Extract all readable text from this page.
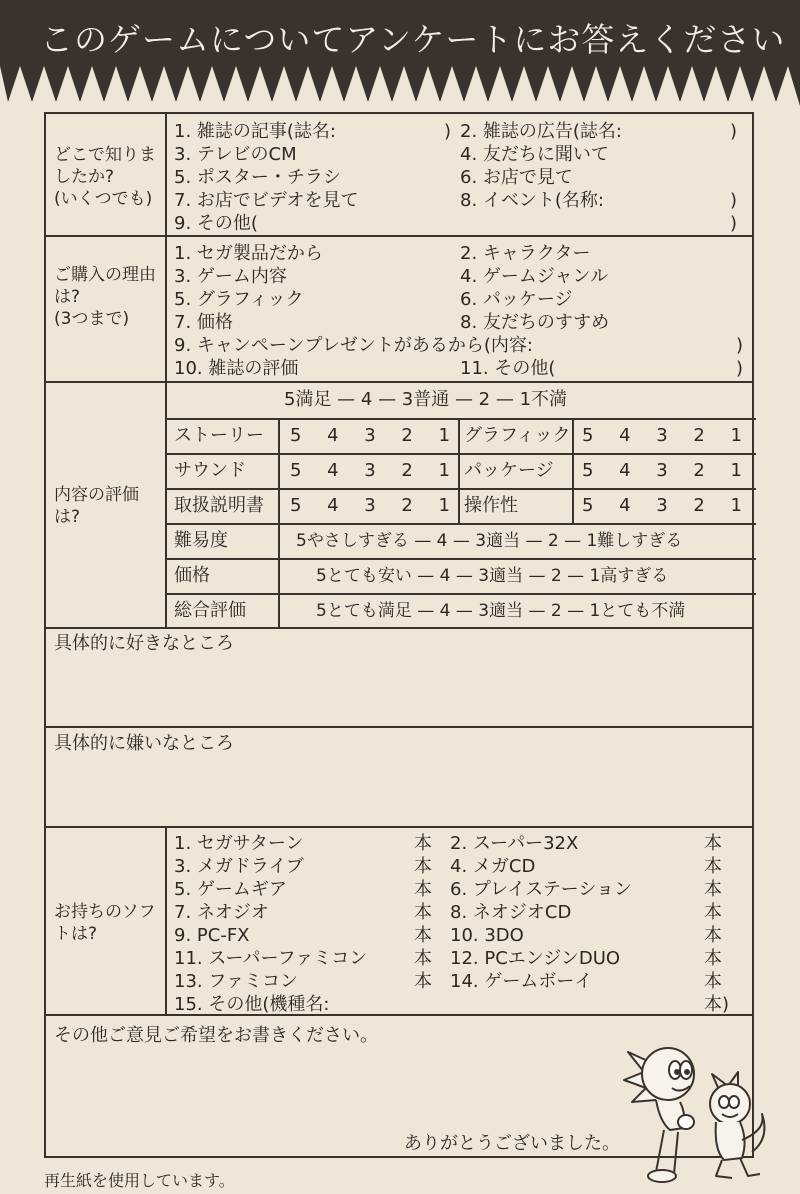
このゲームについてアンケートにお答えください
どこで知りま
したか?
(いくつでも)
1. 雑誌の記事(誌名:	) 2. 雑誌の広告(誌名:	)
3. テレビのCM	4. 友だちに聞いて
5. ポスター・チラシ	6. お店で見て
7. お店でビデオを見て	8. イベント(名称:	)
9. その他(	)
ご購入の理由
は?
(3つまで)
1. セガ製品だから	2. キャラクター
3. ゲーム内容	4. ゲームジャンル
5. グラフィック	6. パッケージ
7. 価格	8. 友だちのすすめ
9. キャンペーンプレゼントがあるから(内容:	)
10. 雑誌の評価	11. その他(	)
内容の評価
は?
5満足 — 4 — 3普通 — 2 — 1不満
ストーリー 5 4 3 2 1 グラフィック 5 4 3 2 1
サウンド 5 4 3 2 1 パッケージ 5 4 3 2 1
取扱説明書 5 4 3 2 1 操作性	5 4 3 2 1
難易度	5やさしすぎる — 4 — 3適当 — 2 — 1難しすぎる
価格	5とても安い — 4 — 3適当 — 2 — 1高すぎる
総合評価	5とても満足 — 4 — 3適当 — 2 — 1とても不満
具体的に好きなところ
具体的に嫌いなところ
お持ちのソフ
トは?
1. セガサターン	本 2. スーパー32X	本
3. メガドライブ	本 4. メガCD	本
5. ゲームギア	本 6. プレイステーション	本
7. ネオジオ	本 8. ネオジオCD	本
9. PC-FX	本 10. 3DO	本
11. スーパーファミコン	本 12. PCエンジンDUO	本
13. ファミコン	本 14. ゲームボーイ	本
15. その他(機種名:	本)
その他ご意見ご希望をお書きください。
ありがとうございました。
再生紙を使用しています。
